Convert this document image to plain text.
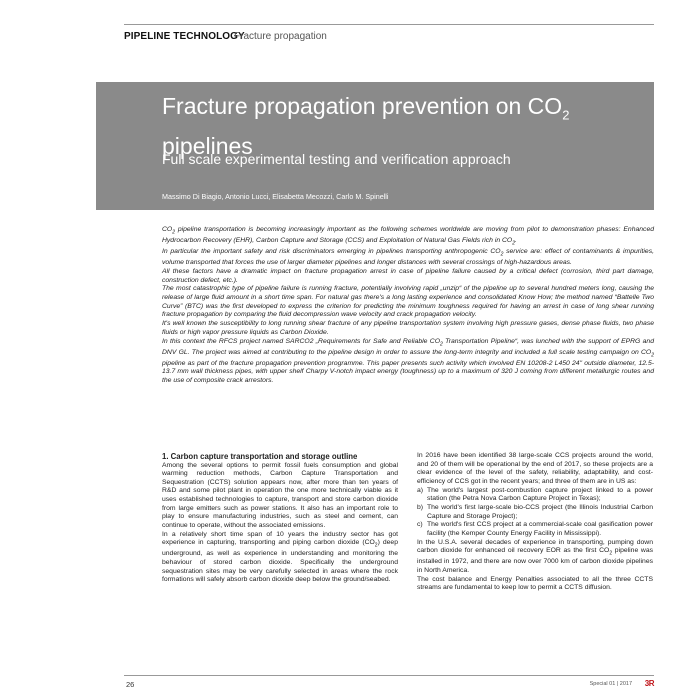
PIPELINE TECHNOLOGY
Fracture propagation
Fracture propagation prevention on $CO_2$
pipelines
Full scale experimental testing and verification approach
Massimo Di Biagio, Antonio Lucci, Elisabetta Mecozzi, Carlo M. Spinelli

$CO_2$ pipeline transportation is becoming increasingly important as the following schemes worldwide are moving from pilot to demonstration phases: Enhanced Hydrocarbon Recovery (EHR), Carbon Capture and Storage (CCS) and Exploitation of Natural Gas Fields rich in $CO_2$.

In particular the important safety and risk discriminators emerging in pipelines transporting anthropogenic $CO_2$ service are: effect of contaminants & impurities, volume transported that forces the use of larger diameter pipelines and longer distances with several crossings of high-hazardous areas.

All these factors have a dramatic impact on fracture propagation arrest in case of pipeline failure caused by a critical defect (corrosion, third part damage, construction defect, etc.).

The most catastrophic type of pipeline failure is running fracture, potentially involving rapid „unzip“ of the pipeline up to several hundred meters long, causing the release of large fluid amount in a short time span. For natural gas there's a long lasting experience and consolidated Know How; the method named “Battelle Two Curve” (BTC) was the first developed to express the criterion for predicting the minimum toughness required for having an arrest in case of long shear running fracture propagation by comparing the fluid decompression wave velocity and crack propagation velocity.

It's well known the susceptibility to long running shear fracture of any pipeline transportation system involving high pressure gases, dense phase fluids, two phase fluids or high vapor pressure liquids as Carbon Dioxide.

In this context the RFCS project named SARCO2 „Requirements for Safe and Reliable $CO_2$ Transportation Pipeline“, was lunched with the support of EPRG and DNV GL. The project was aimed at contributing to the pipeline design in order to assure the long-term integrity and included a full scale testing campaign on $CO_2$ pipeline as part of the fracture propagation prevention programme. This paper presents such activity which involved EN 10208-2 L450 24" outside diameter, 12.5-13.7 mm wall thickness pipes, with upper shelf Charpy V-notch impact energy (toughness) up to a maximum of 320 J coming from different metallurgic routes and the use of composite crack arrestors.

1. Carbon capture transportation and storage outline

Among the several options to permit fossil fuels consumption and global warming reduction methods, Carbon Capture Transportation and Sequestration (CCTS) solution appears now, after more than ten years of R&D and some pilot plant in operation the one more technically viable as it uses established technologies to capture, transport and store carbon dioxide from large emitters such as power stations. It also has an important role to play to ensure manufacturing industries, such as steel and cement, can continue to operate, without the associated emissions.

In a relatively short time span of 10 years the industry sector has got experience in capturing, transporting and piping carbon dioxide $(CO_2)$ deep underground, as well as experience in understanding and monitoring the behaviour of stored carbon dioxide. Specifically the underground sequestration sites may be very carefully selected in areas where the rock formations will safely absorb carbon dioxide deep below the ground/seabed.

In 2016 have been identified 38 large-scale CCS projects around the world, and 20 of them will be operational by the end of 2017, so these projects are a clear evidence of the level of the safety, reliability, adaptability, and cost-efficiency of CCS got in the recent years; and three of them are in US as:

a) The world's largest post-combustion capture project linked to a power station (the Petra Nova Carbon Capture Project in Texas);
b) The world's first large-scale bio-CCS project (the Illinois Industrial Carbon Capture and Storage Project);
c) The world's first CCS project at a commercial-scale coal gasification power facility (the Kemper County Energy Facility in Mississippi).

In the U.S.A. several decades of experience in transporting, pumping down carbon dioxide for enhanced oil recovery EOR as the first $CO_2$ pipeline was installed in 1972, and there are now over 7000 km of carbon dioxide pipelines in North America.

The cost balance and Energy Penalties associated to all the three CCTS streams are fundamental to keep low to permit a CCTS diffusion.

26	Special 01 | 2017 3R
